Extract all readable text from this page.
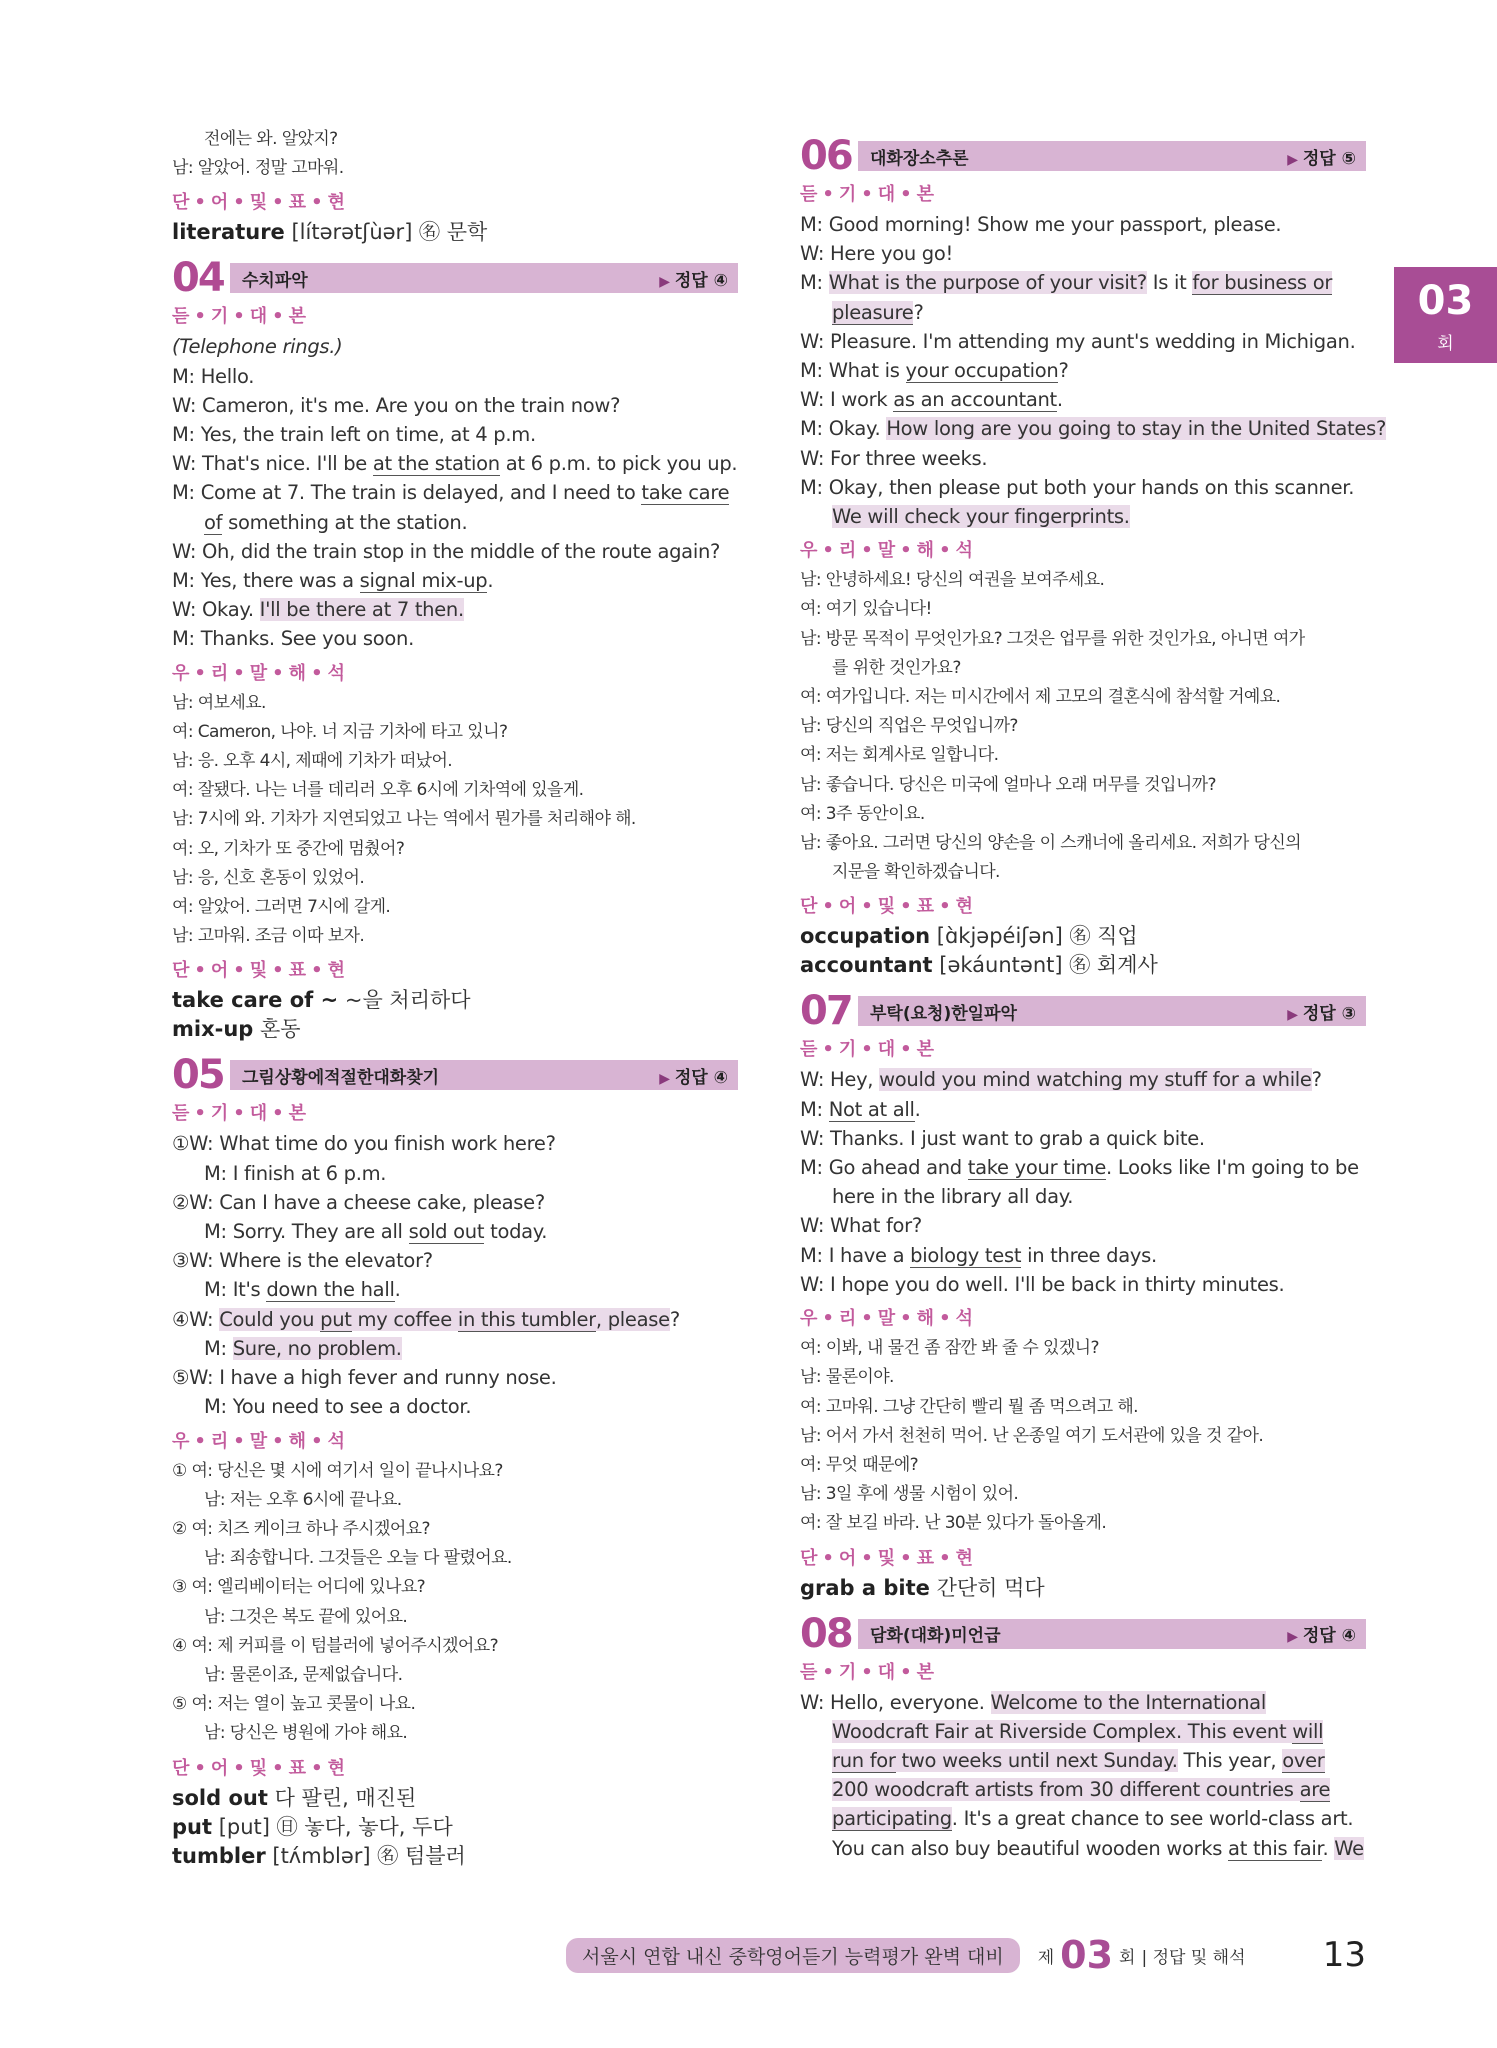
전에는 와. 알았지?
남: 알았어. 정말 고마워.
단•어•및•표•현
literature [lítərətʃùər] ㊔ 문학
04	수치파악	▶ 정답 ④
듣•기•대•본
(Telephone rings.)
M: Hello.
W: Cameron, it's me. Are you on the train now?
M: Yes, the train left on time, at 4 p.m.
W: That's nice. I'll be at the station at 6 p.m. to pick you up.
M: Come at 7. The train is delayed, and I need to take care
of something at the station.
W: Oh, did the train stop in the middle of the route again?
M: Yes, there was a signal mix-up.
W: Okay. I'll be there at 7 then.
M: Thanks. See you soon.
우•리•말•해•석
남: 여보세요.
여: Cameron, 나야. 너 지금 기차에 타고 있니?
남: 응. 오후 4시, 제때에 기차가 떠났어.
여: 잘됐다. 나는 너를 데리러 오후 6시에 기차역에 있을게.
남: 7시에 와. 기차가 지연되었고 나는 역에서 뭔가를 처리해야 해.
여: 오, 기차가 또 중간에 멈췄어?
남: 응, 신호 혼동이 있었어.
여: 알았어. 그러면 7시에 갈게.
남: 고마워. 조금 이따 보자.
단•어•및•표•현
take care of ~ ~을 처리하다
mix-up 혼동
05	그림상황에적절한대화찾기	▶ 정답 ④
듣•기•대•본
①W: What time do you finish work here?
M: I finish at 6 p.m.
②W: Can I have a cheese cake, please?
M: Sorry. They are all sold out today.
③W: Where is the elevator?
M: It's down the hall.
④W: Could you put my coffee in this tumbler, please?
M: Sure, no problem.
⑤W: I have a high fever and runny nose.
M: You need to see a doctor.
우•리•말•해•석
① 여: 당신은 몇 시에 여기서 일이 끝나시나요?
남: 저는 오후 6시에 끝나요.
② 여: 치즈 케이크 하나 주시겠어요?
남: 죄송합니다. 그것들은 오늘 다 팔렸어요.
③ 여: 엘리베이터는 어디에 있나요?
남: 그것은 복도 끝에 있어요.
④ 여: 제 커피를 이 텀블러에 넣어주시겠어요?
남: 물론이죠, 문제없습니다.
⑤ 여: 저는 열이 높고 콧물이 나요.
남: 당신은 병원에 가야 해요.
단•어•및•표•현
sold out 다 팔린, 매진된
put [put] ㊐ 놓다, 놓다, 두다
tumbler [tʌ́mblər] ㊔ 텀블러
06	대화장소추론	▶ 정답 ⑤
듣•기•대•본
M: Good morning! Show me your passport, please.
W: Here you go!
M: What is the purpose of your visit? Is it for business or
pleasure?
W: Pleasure. I'm attending my aunt's wedding in Michigan.
M: What is your occupation?
W: I work as an accountant.
M: Okay. How long are you going to stay in the United States?
W: For three weeks.
M: Okay, then please put both your hands on this scanner.
We will check your fingerprints.
우•리•말•해•석
남: 안녕하세요! 당신의 여권을 보여주세요.
여: 여기 있습니다!
남: 방문 목적이 무엇인가요? 그것은 업무를 위한 것인가요, 아니면 여가
를 위한 것인가요?
여: 여가입니다. 저는 미시간에서 제 고모의 결혼식에 참석할 거예요.
남: 당신의 직업은 무엇입니까?
여: 저는 회계사로 일합니다.
남: 좋습니다. 당신은 미국에 얼마나 오래 머무를 것입니까?
여: 3주 동안이요.
남: 좋아요. 그러면 당신의 양손을 이 스캐너에 올리세요. 저희가 당신의
지문을 확인하겠습니다.
단•어•및•표•현
occupation [ɑ̀kjəpéiʃən] ㊔ 직업
accountant [əkáuntənt] ㊔ 회계사
07	부탁(요청)한일파악	▶ 정답 ③
듣•기•대•본
W: Hey, would you mind watching my stuff for a while?
M: Not at all.
W: Thanks. I just want to grab a quick bite.
M: Go ahead and take your time. Looks like I'm going to be
here in the library all day.
W: What for?
M: I have a biology test in three days.
W: I hope you do well. I'll be back in thirty minutes.
우•리•말•해•석
여: 이봐, 내 물건 좀 잠깐 봐 줄 수 있겠니?
남: 물론이야.
여: 고마워. 그냥 간단히 빨리 뭘 좀 먹으려고 해.
남: 어서 가서 천천히 먹어. 난 온종일 여기 도서관에 있을 것 같아.
여: 무엇 때문에?
남: 3일 후에 생물 시험이 있어.
여: 잘 보길 바라. 난 30분 있다가 돌아올게.
단•어•및•표•현
grab a bite 간단히 먹다
08	담화(대화)미언급	▶ 정답 ④
듣•기•대•본
W: Hello, everyone. Welcome to the International
Woodcraft Fair at Riverside Complex. This event will
run for two weeks until next Sunday. This year, over
200 woodcraft artists from 30 different countries are
participating. It's a great chance to see world-class art.
You can also buy beautiful wooden works at this fair. We
03
회
서울시 연합 내신 중학영어듣기 능력평가 완벽 대비	제 03 회 | 정답 및 해석 13
